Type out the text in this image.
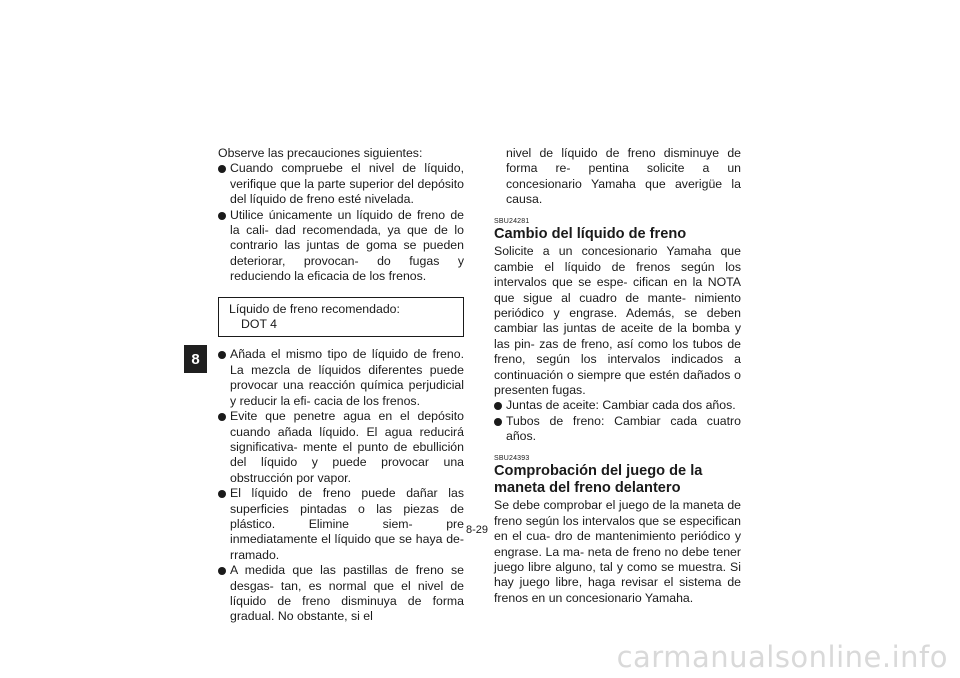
8

Observe las precauciones siguientes:

Cuando compruebe el nivel de líquido, verifique que la parte superior del depósito del líquido de freno esté nivelada.
Utilice únicamente un líquido de freno de la cali- dad recomendada, ya que de lo contrario las juntas de goma se pueden deteriorar, provocan- do fugas y reduciendo la eficacia de los frenos.
Líquido de freno recomendado:
DOT 4
Añada el mismo tipo de líquido de freno. La mezcla de líquidos diferentes puede provocar una reacción química perjudicial y reducir la efi- cacia de los frenos.
Evite que penetre agua en el depósito cuando añada líquido. El agua reducirá significativa- mente el punto de ebullición del líquido y puede provocar una obstrucción por vapor.
El líquido de freno puede dañar las superficies pintadas o las piezas de plástico. Elimine siem- pre inmediatamente el líquido que se haya de- rramado.
A medida que las pastillas de freno se desgas- tan, es normal que el nivel de líquido de freno disminuya de forma gradual. No obstante, si el

nivel de líquido de freno disminuye de forma re- pentina solicite a un concesionario Yamaha que averigüe la causa.

SBU24281
Cambio del líquido de freno

Solicite a un concesionario Yamaha que cambie el líquido de frenos según los intervalos que se espe- cifican en la NOTA que sigue al cuadro de mante- nimiento periódico y engrase. Además, se deben cambiar las juntas de aceite de la bomba y las pin- zas de freno, así como los tubos de freno, según los intervalos indicados a continuación o siempre que estén dañados o presenten fugas.

Juntas de aceite: Cambiar cada dos años.
Tubos de freno: Cambiar cada cuatro años.
SBU24393
Comprobación del juego de la maneta del freno delantero

Se debe comprobar el juego de la maneta de freno según los intervalos que se especifican en el cua- dro de mantenimiento periódico y engrase. La ma- neta de freno no debe tener juego libre alguno, tal y como se muestra. Si hay juego libre, haga revisar el sistema de frenos en un concesionario Yamaha.

8-29
carmanualsonline.info
